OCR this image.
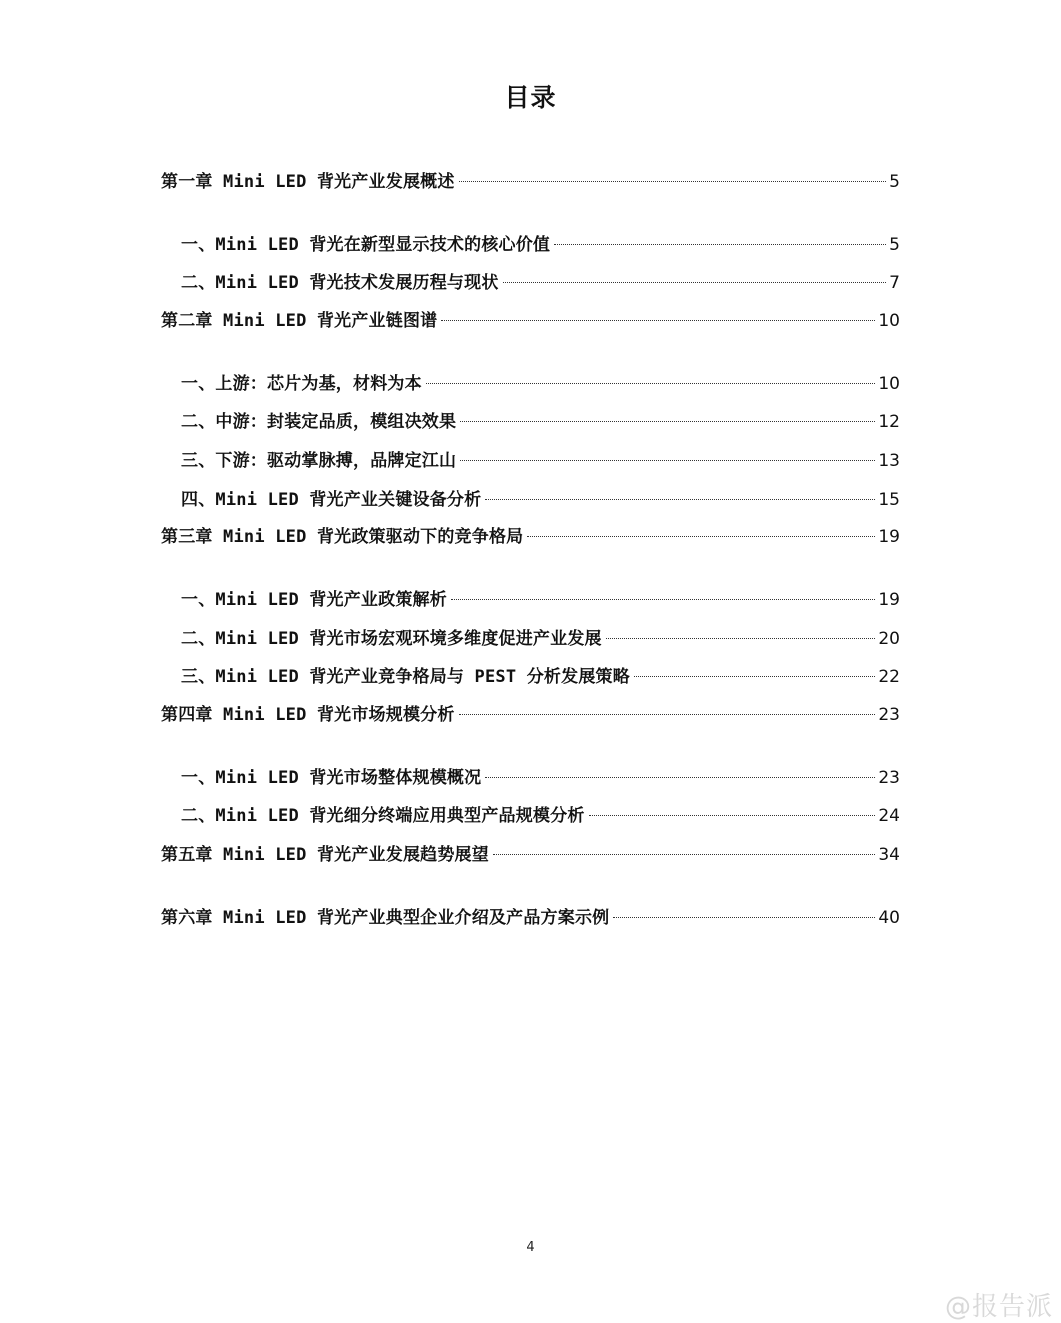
目录
第一章 Mini LED 背光产业发展概述	5
一、Mini LED 背光在新型显示技术的核心价值	5
二、Mini LED 背光技术发展历程与现状	7
第二章 Mini LED 背光产业链图谱	10
一、上游：芯片为基，材料为本	10
二、中游：封装定品质，模组决效果	12
三、下游：驱动掌脉搏，品牌定江山	13
四、Mini LED 背光产业关键设备分析	15
第三章 Mini LED 背光政策驱动下的竞争格局	19
一、Mini LED 背光产业政策解析	19
二、Mini LED 背光市场宏观环境多维度促进产业发展	20
三、Mini LED 背光产业竞争格局与 PEST 分析发展策略	22
第四章 Mini LED 背光市场规模分析	23
一、Mini LED 背光市场整体规模概况	23
二、Mini LED 背光细分终端应用典型产品规模分析	24
第五章 Mini LED 背光产业发展趋势展望	34
第六章 Mini LED 背光产业典型企业介绍及产品方案示例	40
4
@报告派
